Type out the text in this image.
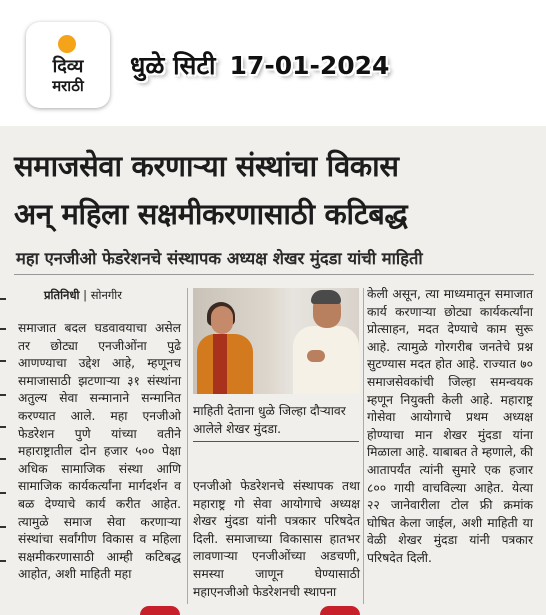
दिव्य
मराठी
धुळे सिटी 17-01-2024
समाजसेवा करणाऱ्या संस्थांचा विकास
अन् महिला सक्षमीकरणासाठी कटिबद्ध
महा एनजीओ फेडरेशनचे संस्थापक अध्यक्ष शेखर मुंदडा यांची माहिती
प्रतिनिधी | सोनगीर
समाजात बदल घडवावयाचा असेल तर छोट्या एनजीओंना पुढे आणण्याचा उद्देश आहे, म्हणूनच समाजासाठी झटणाऱ्या ३१ संस्थांना अतुल्य सेवा सन्मानाने सन्मानित करण्यात आले. महा एनजीओ फेडरेशन पुणे यांच्या वतीने महाराष्ट्रातील दोन हजार ५०० पेक्षा अधिक सामाजिक संस्था आणि सामाजिक कार्यकर्त्यांना मार्गदर्शन व बळ देण्याचे कार्य करीत आहेत. त्यामुळे समाज सेवा करणाऱ्या संस्थांचा सर्वांगीण विकास व महिला सक्षमीकरणासाठी आम्ही कटिबद्ध आहोत, अशी माहिती महा
माहिती देताना धुळे जिल्हा दौऱ्यावर आलेले शेखर मुंदडा.
एनजीओ फेडरेशनचे संस्थापक तथा महाराष्ट्र गो सेवा आयोगाचे अध्यक्ष शेखर मुंदडा यांनी पत्रकार परिषदेत दिली. समाजाच्या विकासास हातभर लावणाऱ्या एनजीओंच्या अडचणी, समस्या जाणून घेण्यासाठी महाएनजीओ फेडरेशनची स्थापना
केली असून, त्या माध्यमातून समाजात कार्य करणाऱ्या छोट्या कार्यकर्त्यांना प्रोत्साहन, मदत देण्याचे काम सुरू आहे. त्यामुळे गोरगरीब जनतेचे प्रश्न सुटण्यास मदत होत आहे. राज्यात ७० समाजसेवकांची जिल्हा समन्वयक म्हणून नियुक्ती केली आहे. महाराष्ट्र गोसेवा आयोगाचे प्रथम अध्यक्ष होण्याचा मान शेखर मुंदडा यांना मिळाला आहे. याबाबत ते म्हणाले, की आतापर्यंत त्यांनी सुमारे एक हजार ८०० गायी वाचविल्या आहेत. येत्या २२ जानेवारीला टोल फ्री क्रमांक घोषित केला जाईल, अशी माहिती या वेळी शेखर मुंदडा यांनी पत्रकार परिषदेत दिली.
